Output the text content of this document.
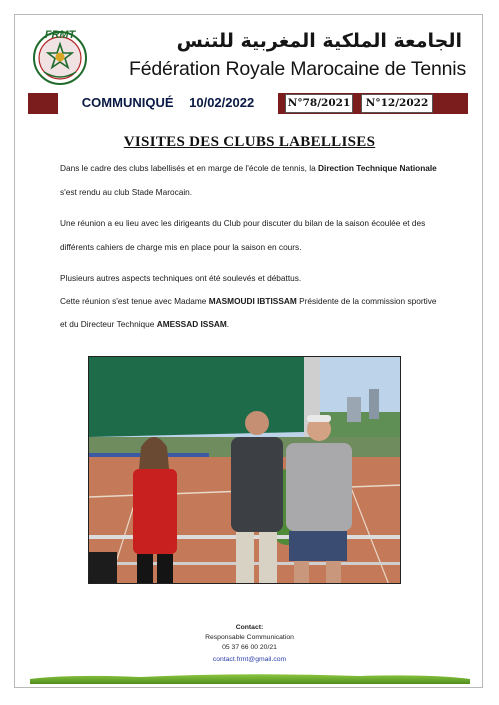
FRMT	الجامعة الملكية المغربية للتنس
Fédération Royale Marocaine de Tennis
COMMUNIQUÉ 10/02/2022	N°78/2021	N°12/2022
VISITES DES CLUBS LABELLISES
Dans le cadre des clubs labellisés et en marge de l'école de tennis, la Direction Technique Nationale
s'est rendu au club Stade Marocain.
Une réunion a eu lieu avec les dirigeants du Club pour discuter du bilan de la saison écoulée et des
différents cahiers de charge mis en place pour la saison en cours.
Plusieurs autres aspects techniques ont été soulevés et débattus.
Cette réunion s'est tenue avec Madame MASMOUDI IBTISSAM Présidente de la commission sportive
et du Directeur Technique AMESSAD ISSAM.
Contact:
Responsable Communication
05 37 66 00 20/21
contact.frmt@gmail.com
